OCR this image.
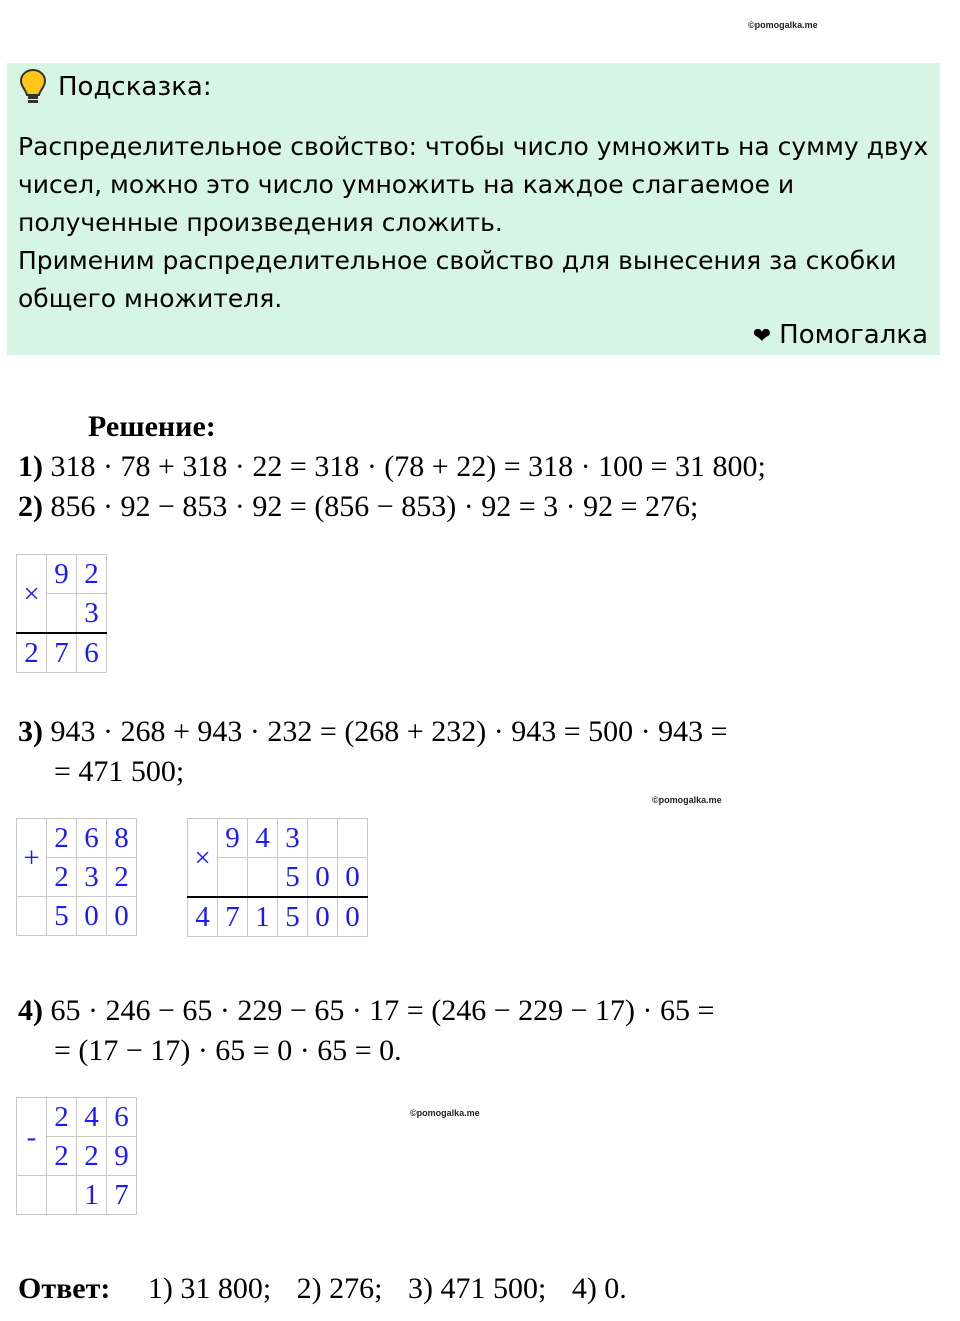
©pomogalka.me
Подсказка:

Распределительное свойство: чтобы число умножить на сумму двух чисел, можно это число умножить на каждое слагаемое и полученные произведения сложить.

Применим распределительное свойство для вынесения за скобки общего множителя.

❤ Помогалка
Решение:
1) 318 · 78 + 318 · 22 = 318 · (78 + 22) = 318 · 100 = 31 800;
2) 856 · 92 − 853 · 92 = (856 − 853) · 92 = 3 · 92 = 276;
×	9	2
		3
2	7	6
3) 943 · 268 + 943 · 232 = (268 + 232) · 943 = 500 · 943 =
= 471 500;
©pomogalka.me
+	2	6	8
	2	3	2
	5	0	0
×	9	4	3		
			5	0	0
4	7	1	5	0	0
4) 65 · 246 − 65 · 229 − 65 · 17 = (246 − 229 − 17) · 65 =
= (17 − 17) · 65 = 0 · 65 = 0.
©pomogalka.me
-	2	4	6
	2	2	9
		1	7
Ответ: 1) 31 800; 2) 276; 3) 471 500; 4) 0.
